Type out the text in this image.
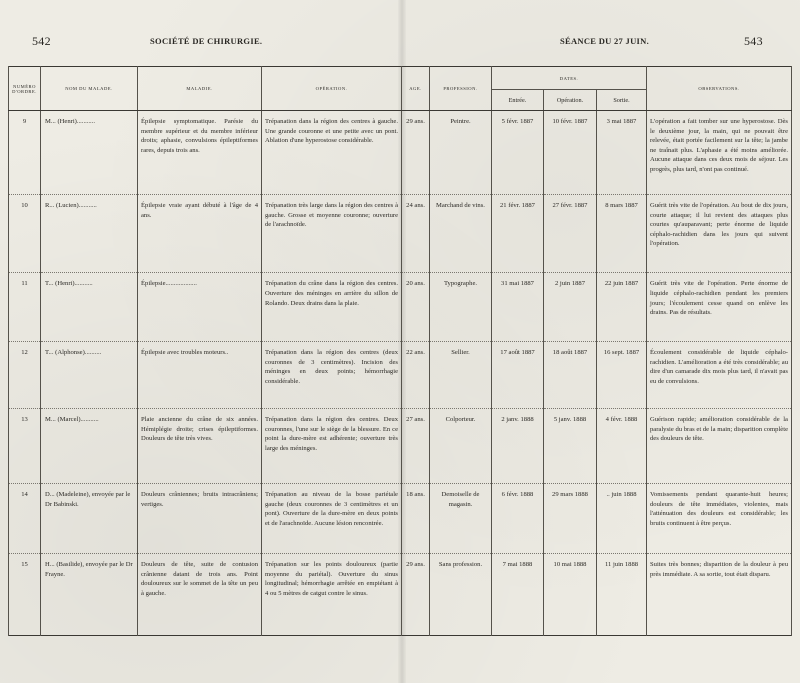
542	SOCIÉTÉ DE CHIRURGIE.	SÉANCE DU 27 JUIN.	543
NUMÉRO D'ORDRE.	NOM DU MALADE.	MALADIE.	OPÉRATION.	AGE.	PROFESSION.	DATES.			OBSERVATIONS.
						Entrée.	Opération.	Sortie.	

9	M... (Henri)...........	Épilepsie symptomatique. Parésie du membre supérieur et du membre inférieur droits; aphasie, convulsions épileptiformes rares, depuis trois ans.	Trépanation dans la région des centres à gauche. Une grande couronne et une petite avec un pont. Ablation d'une hyperostose considérable.	29 ans.	Peintre.	5 févr. 1887	10 févr. 1887	3 mai 1887	L'opération a fait tomber sur une hyperostose. Dès le deuxième jour, la main, qui ne pouvait être relevée, était portée facilement sur la tête; la jambe ne traînait plus. L'aphasie a été moins améliorée. Aucune attaque dans ces deux mois de séjour. Les progrès, plus tard, n'ont pas continué.

10	R... (Lucien)...........	Épilepsie vraie ayant débuté à l'âge de 4 ans.	Trépanation très large dans la région des centres à gauche. Grosse et moyenne couronne; ouverture de l'arachnoïde.	24 ans.	Marchand de vins.	21 févr. 1887	27 févr. 1887	8 mars 1887	Guérit très vite de l'opération. Au bout de dix jours, courte attaque; il lui revient des attaques plus courtes qu'auparavant; perte énorme de liquide céphalo-rachidien dans les jours qui suivent l'opération.

11	T... (Henri)...........	Épilepsie...................	Trépanation du crâne dans la région des centres. Ouverture des méninges en arrière du sillon de Rolando. Deux drains dans la plaie.	20 ans.	Typographe.	31 mai 1887	2 juin 1887	22 juin 1887	Guérit très vite de l'opération. Perte énorme de liquide céphalo-rachidien pendant les premiers jours; l'écoulement cesse quand on enlève les drains. Pas de résultats.

12	T... (Alphonse)..........	Épilepsie avec troubles moteurs..	Trépanation dans la région des centres (deux couronnes de 3 centimètres). Incision des méninges en deux points; hémorrhagie considérable.	22 ans.	Sellier.	17 août 1887	18 août 1887	16 sept. 1887	Écoulement considérable de liquide céphalo-rachidien. L'amélioration a été très considérable; au dire d'un camarade dix mois plus tard, il n'avait pas eu de convulsions.

13	M... (Marcel)...........	Plaie ancienne du crâne de six années. Hémiplégie droite; crises épileptiformes. Douleurs de tête très vives.	Trépanation dans la région des centres. Deux couronnes, l'une sur le siège de la blessure. En ce point la dure-mère est adhérente; ouverture très large des méninges.	27 ans.	Colporteur.	2 janv. 1888	5 janv. 1888	4 févr. 1888	Guérison rapide; amélioration considérable de la paralysie du bras et de la main; disparition complète des douleurs de tête.

14	D... (Madeleine), envoyée par le Dr Babinski.	Douleurs crâniennes; bruits intracrâniens; vertiges.	Trépanation au niveau de la bosse pariétale gauche (deux couronnes de 3 centimètres et un pont). Ouverture de la dure-mère en deux points et de l'arachnoïde. Aucune lésion rencontrée.	18 ans.	Demoiselle de magasin.	6 févr. 1888	29 mars 1888	.. juin 1888	Vomissements pendant quarante-huit heures; douleurs de tête immédiates, violentes, mais l'atténuation des douleurs est considérable; les bruits continuent à être perçus.

15	H... (Basilide), envoyée par le Dr Frayne.	Douleurs de tête, suite de contusion crânienne datant de trois ans. Point douloureux sur le sommet de la tête un peu à gauche.	Trépanation sur les points douloureux (partie moyenne du pariétal). Ouverture du sinus longitudinal; hémorrhagie arrêtée en empiétant à 4 ou 5 mètres de catgut contre le sinus.	29 ans.	Sans profession.	7 mai 1888	10 mai 1888	11 juin 1888	Suites très bonnes; disparition de la douleur à peu près immédiate. A sa sortie, tout était disparu.
